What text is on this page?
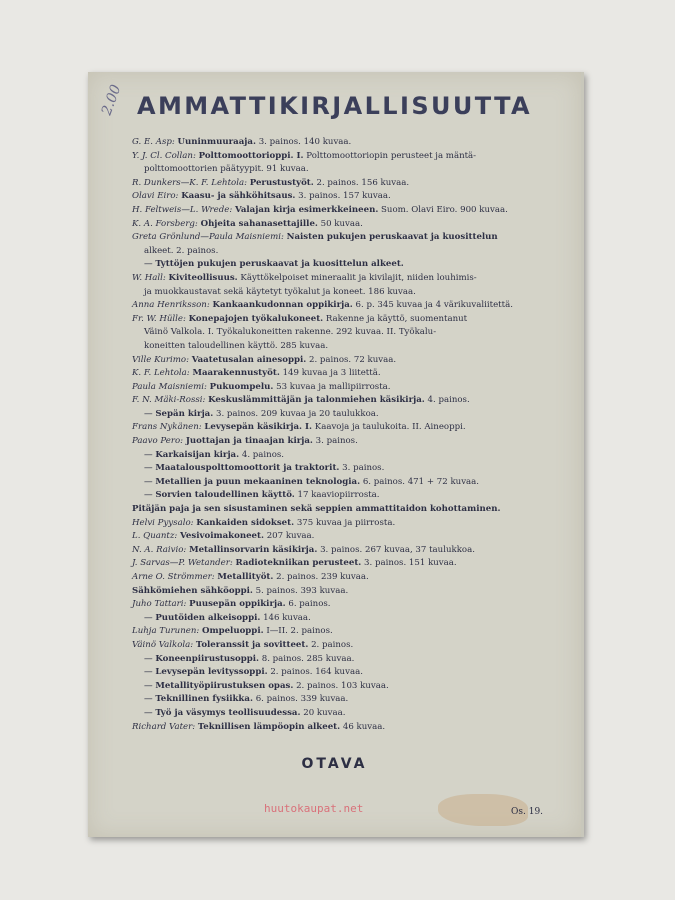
2.00 AMMATTIKIRJALLISUUTTA
G. E. Asp: Uuninmuuraaja. 3. painos. 140 kuvaa.
Y. J. Cl. Collan: Polttomoottorioppi. I. Polttomoottoriopin perusteet ja mäntä-
polttomoottorien päätyypit. 91 kuvaa.
R. Dunkers—K. F. Lehtola: Perustustyöt. 2. painos. 156 kuvaa.
Olavi Eiro: Kaasu- ja sähköhitsaus. 3. painos. 157 kuvaa.
H. Feltweis—L. Wrede: Valajan kirja esimerkkeineen. Suom. Olavi Eiro. 900 kuvaa.
K. A. Forsberg: Ohjeita sahanasettajille. 50 kuvaa.
Greta Grönlund—Paula Maisniemi: Naisten pukujen peruskaavat ja kuosittelun
alkeet. 2. painos.
— Tyttöjen pukujen peruskaavat ja kuosittelun alkeet.
W. Hall: Kiviteollisuus. Käyttökelpoiset mineraalit ja kivilajit, niiden louhimis-
ja muokkaustavat sekä käytetyt työkalut ja koneet. 186 kuvaa.
Anna Henriksson: Kankaankudonnan oppikirja. 6. p. 345 kuvaa ja 4 värikuvaliitettä.
Fr. W. Hülle: Konepajojen työkalukoneet. Rakenne ja käyttö, suomentanut
Väinö Valkola. I. Työkalukoneitten rakenne. 292 kuvaa. II. Työkalu-
koneitten taloudellinen käyttö. 285 kuvaa.
Ville Kurimo: Vaatetusalan ainesoppi. 2. painos. 72 kuvaa.
K. F. Lehtola: Maarakennustyöt. 149 kuvaa ja 3 liitettä.
Paula Maisniemi: Pukuompelu. 53 kuvaa ja mallipiirrosta.
F. N. Mäki-Rossi: Keskuslämmittäjän ja talonmiehen käsikirja. 4. painos.
— Sepän kirja. 3. painos. 209 kuvaa ja 20 taulukkoa.
Frans Nykänen: Levysepän käsikirja. I. Kaavoja ja taulukoita. II. Aineoppi.
Paavo Pero: Juottajan ja tinaajan kirja. 3. painos.
— Karkaisijan kirja. 4. painos.
— Maatalouspolttomoottorit ja traktorit. 3. painos.
— Metallien ja puun mekaaninen teknologia. 6. painos. 471 + 72 kuvaa.
— Sorvien taloudellinen käyttö. 17 kaaviopiirrosta.
Pitäjän paja ja sen sisustaminen sekä seppien ammattitaidon kohottaminen.
Helvi Pyysalo: Kankaiden sidokset. 375 kuvaa ja piirrosta.
L. Quantz: Vesivoimakoneet. 207 kuvaa.
N. A. Raivio: Metallinsorvarin käsikirja. 3. painos. 267 kuvaa, 37 taulukkoa.
J. Sarvas—P. Wetander: Radiotekniikan perusteet. 3. painos. 151 kuvaa.
Arne O. Strömmer: Metallityöt. 2. painos. 239 kuvaa.
Sähkömiehen sähköoppi. 5. painos. 393 kuvaa.
Juho Tattari: Puusepän oppikirja. 6. painos.
— Puutöiden alkeisoppi. 146 kuvaa.
Luhja Turunen: Ompeluoppi. I—II. 2. painos.
Väinö Valkola: Toleranssit ja sovitteet. 2. painos.
— Koneenpiirustusoppi. 8. painos. 285 kuvaa.
— Levysepän levityssoppi. 2. painos. 164 kuvaa.
— Metallityöpiirustuksen opas. 2. painos. 103 kuvaa.
— Teknillinen fysiikka. 6. painos. 339 kuvaa.
— Työ ja väsymys teollisuudessa. 20 kuvaa.
Richard Vater: Teknillisen lämpöopin alkeet. 46 kuvaa.
huutokaupat.net
OTAVA
Os. 19.
